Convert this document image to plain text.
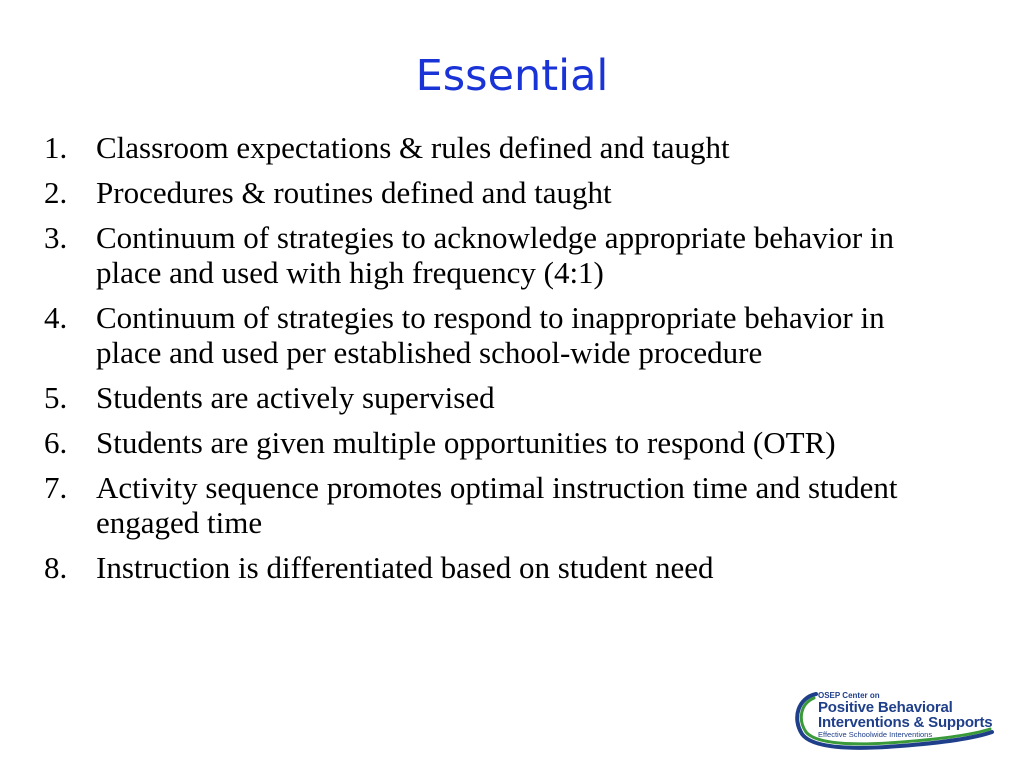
Essential
1. Classroom expectations & rules defined and taught
2. Procedures & routines defined and taught
3. Continuum of strategies to acknowledge appropriate behavior in place and used with high frequency (4:1)
4. Continuum of strategies to respond to inappropriate behavior in place and used per established school-wide procedure
5. Students are actively supervised
6. Students are given multiple opportunities to respond (OTR)
7. Activity sequence promotes optimal instruction time and student engaged time
8. Instruction is differentiated based on student need
OSEP Center on
Positive Behavioral
Interventions & Supports
Effective Schoolwide Interventions
